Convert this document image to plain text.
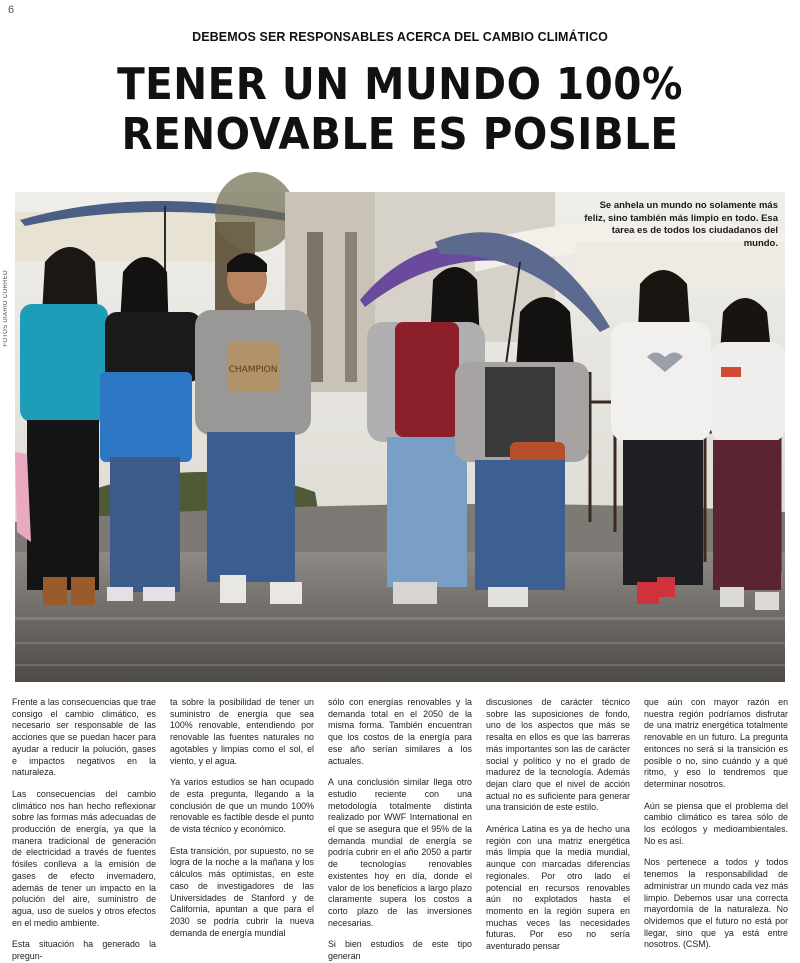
6
DEBEMOS SER RESPONSABLES ACERCA DEL CAMBIO CLIMÁTICO
TENER UN MUNDO 100%
RENOVABLE ES POSIBLE
FOTOS DIARIO CORREO
CHAMPION
Se anhela un mundo no solamente más feliz, sino también más limpio en todo. Esa tarea es de todos los ciudadanos del mundo.

Frente a las consecuencias que trae consigo el cambio climático, es necesario ser responsable de las acciones que se puedan hacer para ayudar a reducir la polución, gases e impactos negativos en la naturaleza.

Las consecuencias del cambio climático nos han hecho reflexionar sobre las formas más adecuadas de producción de energía, ya que la manera tradicional de generación de electricidad a través de fuentes fósiles conlleva a la emisión de gases de efecto invernadero, además de tener un impacto en la polución del aire, suministro de agua, uso de suelos y otros efectos en el medio ambiente.

Esta situación ha generado la pregun-

ta sobre la posibilidad de tener un suministro de energía que sea 100% renovable, entendiendo por renovable las fuentes naturales no agotables y limpias como el sol, el viento, y el agua.

Ya varios estudios se han ocupado de esta pregunta, llegando a la conclusión de que un mundo 100% renovable es factible desde el punto de vista técnico y económico.

Esta transición, por supuesto, no se logra de la noche a la mañana y los cálculos más optimistas, en este caso de investigadores de las Universidades de Stanford y de California, apuntan a que para el 2030 se podría cubrir la nueva demanda de energía mundial

sólo con energías renovables y la demanda total en el 2050 de la misma forma. También encuentran que los costos de la energía para ese año serían similares a los actuales.

A una conclusión similar llega otro estudio reciente con una metodología totalmente distinta realizado por WWF International en el que se asegura que el 95% de la demanda mundial de energía se podría cubrir en el año 2050 a partir de tecnologías renovables existentes hoy en día, donde el valor de los beneficios a largo plazo claramente supera los costos a corto plazo de las inversiones necesarias.

Si bien estudios de este tipo generan

discusiones de carácter técnico sobre las suposiciones de fondo, uno de los aspectos que más se resalta en ellos es que las barreras más importantes son las de carácter social y político y no el grado de madurez de la tecnología. Además dejan claro que el nivel de acción actual no es suficiente para generar una transición de este estilo.

América Latina es ya de hecho una región con una matriz energética más limpia que la media mundial, aunque con marcadas diferencias regionales. Por otro lado el potencial en recursos renovables aún no explotados hasta el momento en la región supera en muchas veces las necesidades futuras. Por eso no sería aventurado pensar

que aún con mayor razón en nuestra región podríamos disfrutar de una matriz energética totalmente renovable en un futuro. La pregunta entonces no será si la transición es posible o no, sino cuándo y a qué ritmo, y eso lo tendremos que determinar nosotros.

Aún se piensa que el problema del cambio climático es tarea sólo de los ecólogos y medioambientales. No es así.

Nos pertenece a todos y todos tenemos la responsabilidad de administrar un mundo cada vez más limpio. Debemos usar una correcta mayordomía de la naturaleza. No olvidemos que el futuro no está por llegar, sino que ya está entre nosotros. (CSM).
